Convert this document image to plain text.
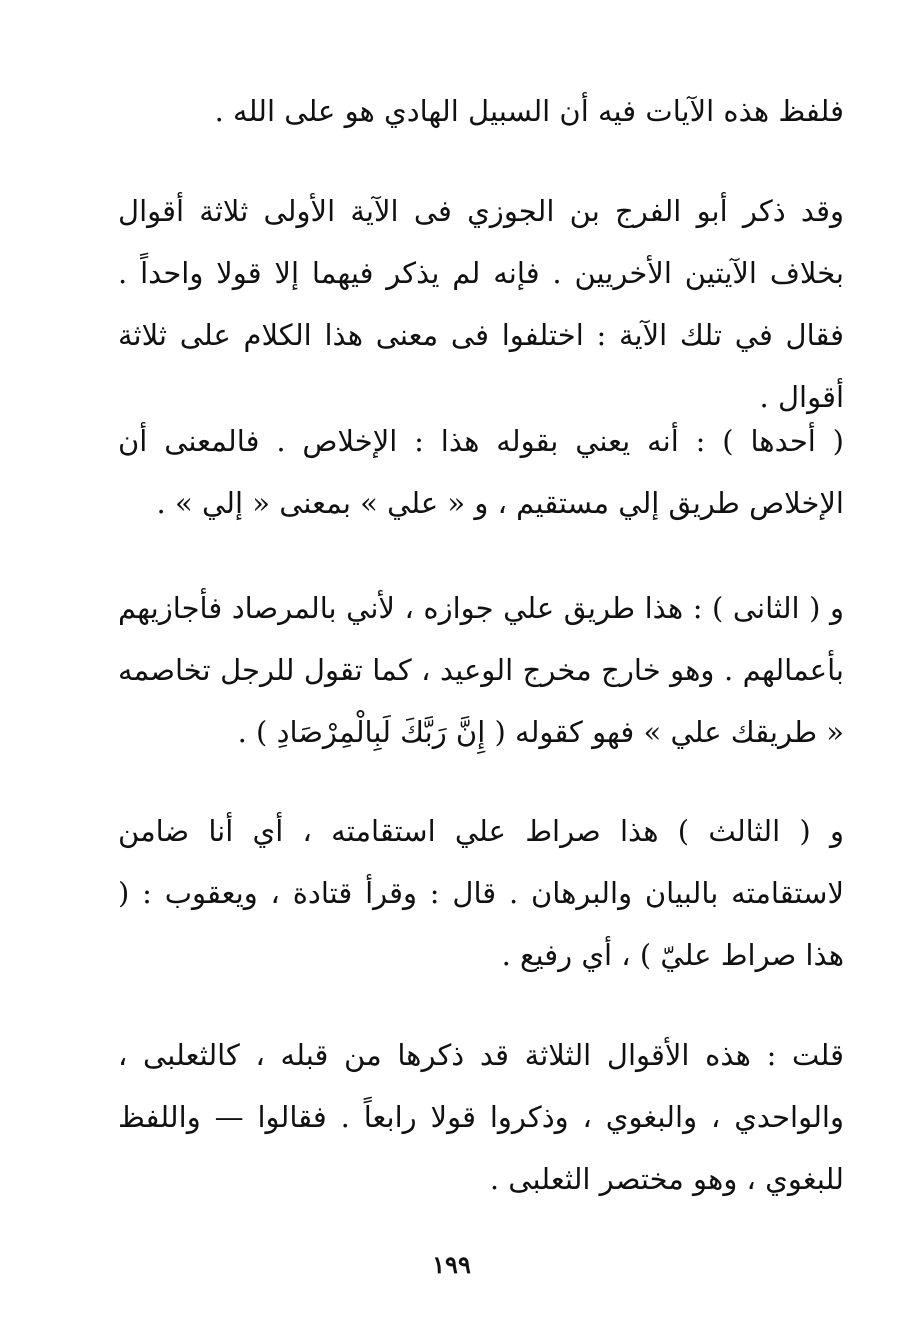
فلفظ هذه الآيات فيه أن السبيل الهادي هو على الله .

وقد ذكر أبو الفرج بن الجوزي فى الآية الأولى ثلاثة أقوال بخلاف الآيتين الأخريين . فإنه لم يذكر فيهما إلا قولا واحداً . فقال في تلك الآية : اختلفوا فى معنى هذا الكلام على ثلاثة أقوال .

( أحدها ) : أنه يعني بقوله هذا : الإخلاص . فالمعنى أن الإخلاص طريق إلي مستقيم ، و « علي » بمعنى « إلي » .

و ( الثانى ) : هذا طريق علي جوازه ، لأني بالمرصاد فأجازيهم بأعمالهم . وهو خارج مخرج الوعيد ، كما تقول للرجل تخاصمه « طريقك علي » فهو كقوله ( إِنَّ رَبَّكَ لَبِالْمِرْصَادِ ) .

و ( الثالث ) هذا صراط علي استقامته ، أي أنا ضامن لاستقامته بالبيان والبرهان . قال : وقرأ قتادة ، ويعقوب : ( هذا صراط عليّ ) ، أي رفيع .

قلت : هذه الأقوال الثلاثة قد ذكرها من قبله ، كالثعلبى ، والواحدي ، والبغوي ، وذكروا قولا رابعاً . فقالوا — واللفظ للبغوي ، وهو مختصر الثعلبى .

١٩٩
